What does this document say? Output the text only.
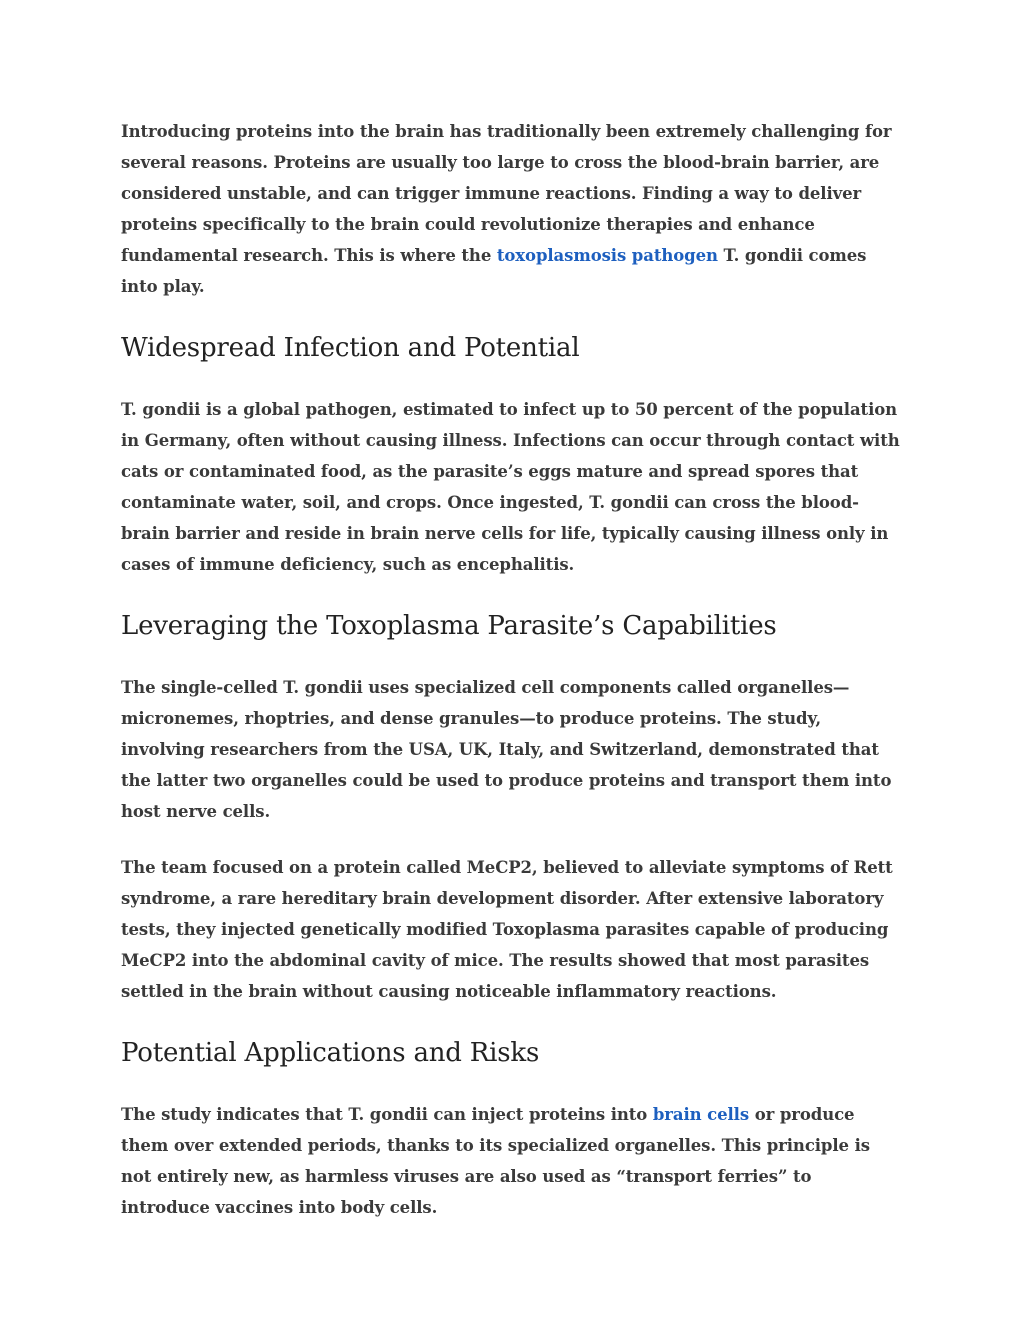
Introducing proteins into the brain has traditionally been extremely challenging for several reasons. Proteins are usually too large to cross the blood-brain barrier, are considered unstable, and can trigger immune reactions. Finding a way to deliver proteins specifically to the brain could revolutionize therapies and enhance fundamental research. This is where the toxoplasmosis pathogen T. gondii comes into play.

Widespread Infection and Potential

T. gondii is a global pathogen, estimated to infect up to 50 percent of the population in Germany, often without causing illness. Infections can occur through contact with cats or contaminated food, as the parasite’s eggs mature and spread spores that contaminate water, soil, and crops. Once ingested, T. gondii can cross the blood-brain barrier and reside in brain nerve cells for life, typically causing illness only in cases of immune deficiency, such as encephalitis.

Leveraging the Toxoplasma Parasite’s Capabilities

The single-celled T. gondii uses specialized cell components called organelles—micronemes, rhoptries, and dense granules—to produce proteins. The study, involving researchers from the USA, UK, Italy, and Switzerland, demonstrated that the latter two organelles could be used to produce proteins and transport them into host nerve cells.

The team focused on a protein called MeCP2, believed to alleviate symptoms of Rett syndrome, a rare hereditary brain development disorder. After extensive laboratory tests, they injected genetically modified Toxoplasma parasites capable of producing MeCP2 into the abdominal cavity of mice. The results showed that most parasites settled in the brain without causing noticeable inflammatory reactions.

Potential Applications and Risks

The study indicates that T. gondii can inject proteins into brain cells or produce them over extended periods, thanks to its specialized organelles. This principle is not entirely new, as harmless viruses are also used as “transport ferries” to introduce vaccines into body cells.
